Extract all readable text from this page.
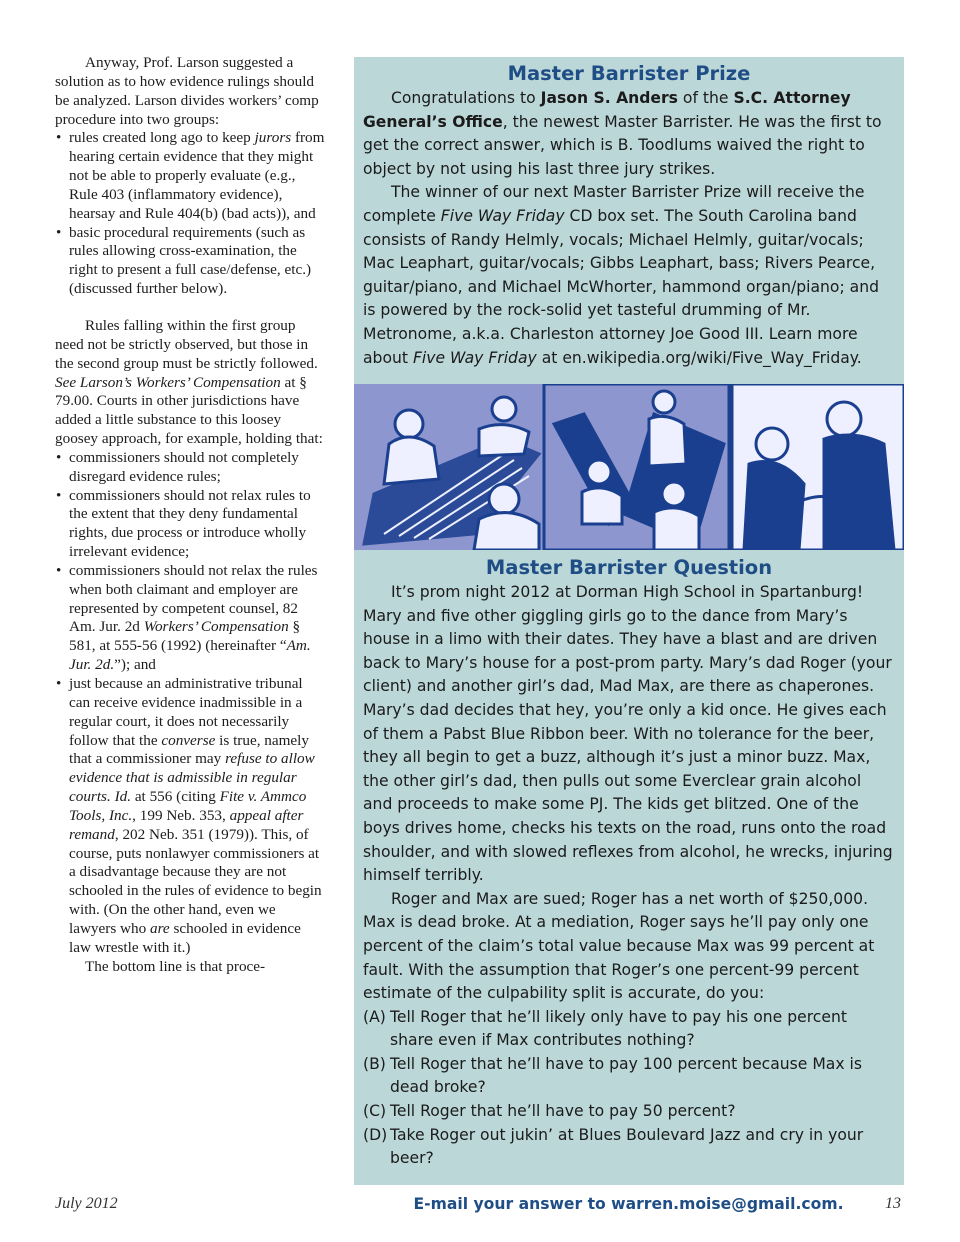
Anyway, Prof. Larson suggested a solution as to how evidence rulings should be analyzed. Larson divides workers’ comp procedure into two groups:

• rules created long ago to keep jurors from hearing certain evidence that they might not be able to properly evaluate (e.g., Rule 403 (inflammatory evidence), hearsay and Rule 404(b) (bad acts)), and
• basic procedural requirements (such as rules allowing cross-examination, the right to present a full case/defense, etc.) (discussed further below).

Rules falling within the first group need not be strictly observed, but those in the second group must be strictly followed. See Larson’s Workers’ Compensation at § 79.00. Courts in other jurisdictions have added a little substance to this loosey goosey approach, for example, holding that:

• commissioners should not completely disregard evidence rules;
• commissioners should not relax rules to the extent that they deny fundamental rights, due process or introduce wholly irrelevant evidence;
• commissioners should not relax the rules when both claimant and employer are represented by competent counsel, 82 Am. Jur. 2d Workers’ Compensation § 581, at 555-56 (1992) (hereinafter “Am. Jur. 2d.”); and
• just because an administrative tribunal can receive evidence inadmissible in a regular court, it does not necessarily follow that the converse is true, namely that a commissioner may refuse to allow evidence that is admissible in regular courts. Id. at 556 (citing Fite v. Ammco Tools, Inc., 199 Neb. 353, appeal after remand, 202 Neb. 351 (1979)). This, of course, puts nonlawyer commissioners at a disadvantage because they are not schooled in the rules of evidence to begin with. (On the other hand, even we lawyers who are schooled in evidence law wrestle with it.)

The bottom line is that proce-

Master Barrister Prize

Congratulations to Jason S. Anders of the S.C. Attorney General’s Office, the newest Master Barrister. He was the first to get the correct answer, which is B. Toodlums waived the right to object by not using his last three jury strikes.

The winner of our next Master Barrister Prize will receive the complete Five Way Friday CD box set. The South Carolina band consists of Randy Helmly, vocals; Michael Helmly, guitar/vocals; Mac Leaphart, guitar/vocals; Gibbs Leaphart, bass; Rivers Pearce, guitar/piano, and Michael McWhorter, hammond organ/piano; and is powered by the rock-solid yet tasteful drumming of Mr. Metronome, a.k.a. Charleston attorney Joe Good III. Learn more about Five Way Friday at en.wikipedia.org/wiki/Five_Way_Friday.

Master Barrister Question

It’s prom night 2012 at Dorman High School in Spartanburg! Mary and five other giggling girls go to the dance from Mary’s house in a limo with their dates. They have a blast and are driven back to Mary’s house for a post-prom party. Mary’s dad Roger (your client) and another girl’s dad, Mad Max, are there as chaperones. Mary’s dad decides that hey, you’re only a kid once. He gives each of them a Pabst Blue Ribbon beer. With no tolerance for the beer, they all begin to get a buzz, although it’s just a minor buzz. Max, the other girl’s dad, then pulls out some Everclear grain alcohol and proceeds to make some PJ. The kids get blitzed. One of the boys drives home, checks his texts on the road, runs onto the road shoulder, and with slowed reflexes from alcohol, he wrecks, injuring himself terribly.

Roger and Max are sued; Roger has a net worth of $250,000. Max is dead broke. At a mediation, Roger says he’ll pay only one percent of the claim’s total value because Max was 99 percent at fault. With the assumption that Roger’s one percent-99 percent estimate of the culpability split is accurate, do you:

(A) Tell Roger that he’ll likely only have to pay his one percent share even if Max contributes nothing?

(B) Tell Roger that he’ll have to pay 100 percent because Max is dead broke?

(C) Tell Roger that he’ll have to pay 50 percent?

(D) Take Roger out jukin’ at Blues Boulevard Jazz and cry in your beer?

E-mail your answer to warren.moise@gmail.com.
July 2012	13
